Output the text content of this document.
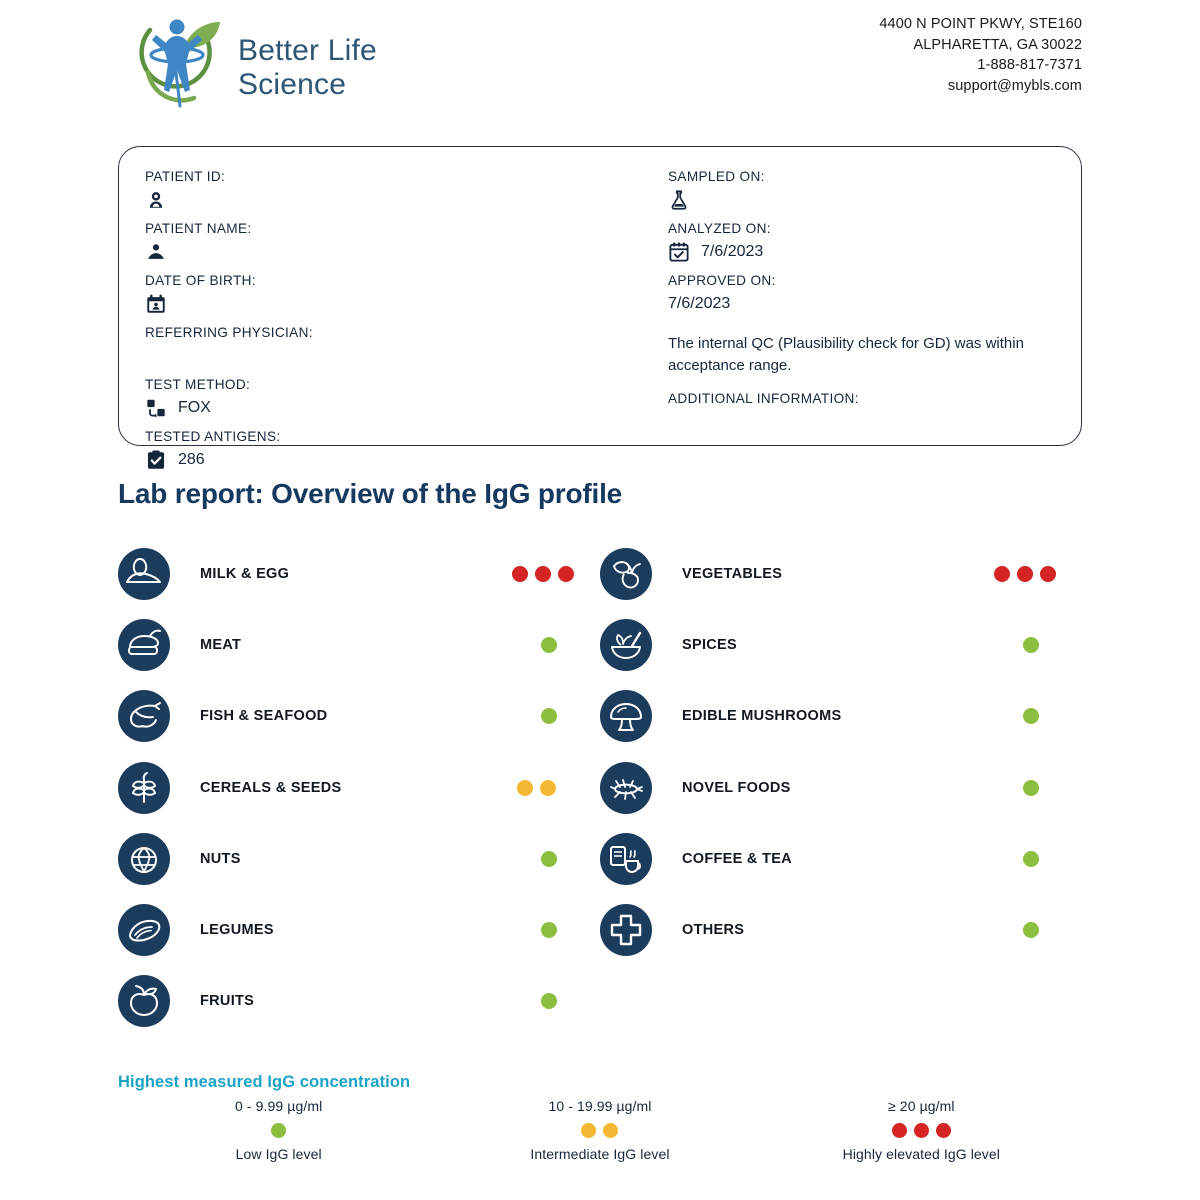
Better Life
Science
4400 N POINT PKWY, STE160
ALPHARETTA, GA 30022
1-888-817-7371
support@mybls.com
PATIENT ID:
PATIENT NAME:
DATE OF BIRTH:
REFERRING PHYSICIAN:
TEST METHOD:
FOX
TESTED ANTIGENS:
286
SAMPLED ON:
ANALYZED ON:
7/6/2023
APPROVED ON:
7/6/2023
The internal QC (Plausibility check for GD) was within acceptance range.
ADDITIONAL INFORMATION:
Lab report: Overview of the IgG profile
MILK & EGG
MEAT
FISH & SEAFOOD
CEREALS & SEEDS
NUTS
LEGUMES
FRUITS
VEGETABLES
SPICES
EDIBLE MUSHROOMS
NOVEL FOODS
COFFEE & TEA
OTHERS
Highest measured IgG concentration
0 - 9.99 µg/ml
Low IgG level
10 - 19.99 µg/ml
Intermediate IgG level
≥ 20 µg/ml
Highly elevated IgG level
